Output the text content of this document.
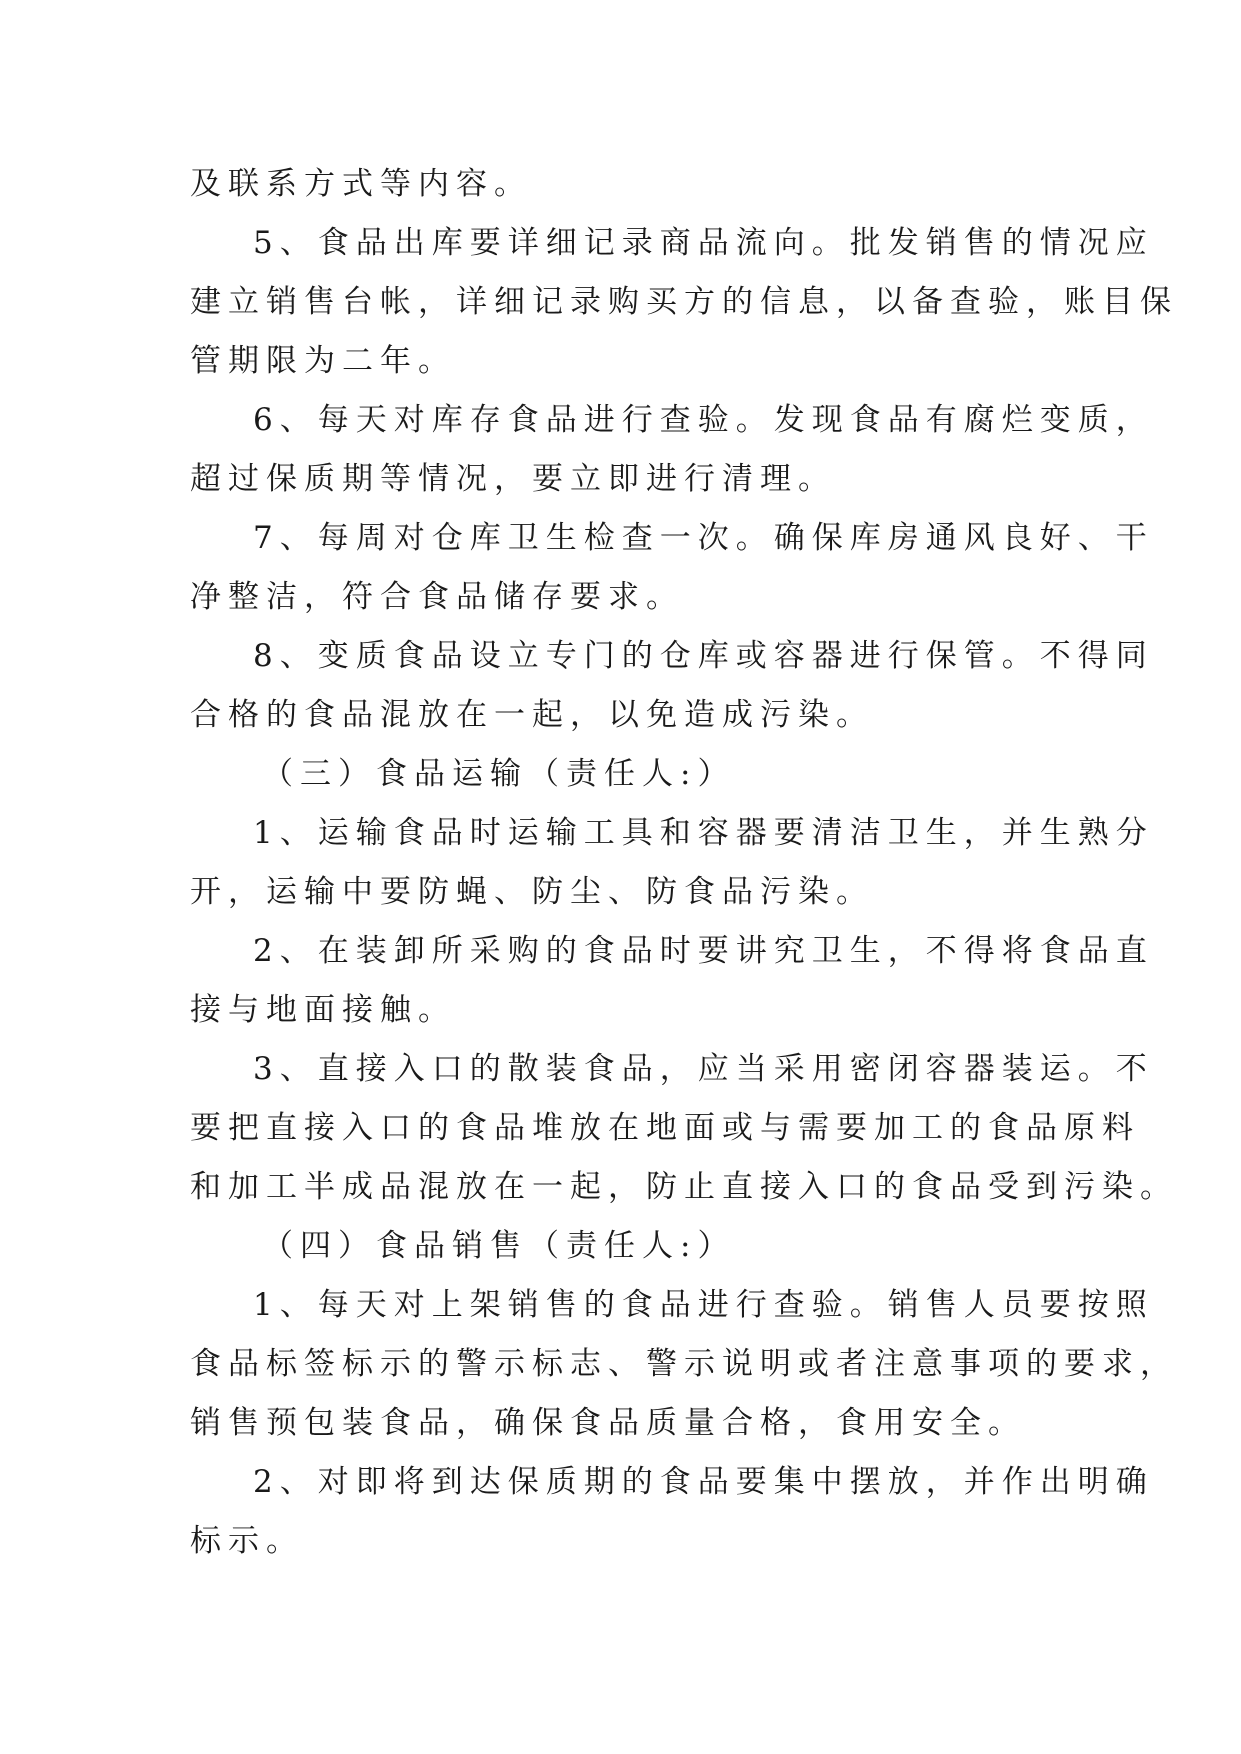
及联系方式等内容。
5、食品出库要详细记录商品流向。批发销售的情况应
建立销售台帐，详细记录购买方的信息，以备查验，账目保
管期限为二年。
6、每天对库存食品进行查验。发现食品有腐烂变质，
超过保质期等情况，要立即进行清理。
7、每周对仓库卫生检查一次。确保库房通风良好、干
净整洁，符合食品储存要求。
8、变质食品设立专门的仓库或容器进行保管。不得同
合格的食品混放在一起，以免造成污染。
（三）食品运输（责任人:）
1、运输食品时运输工具和容器要清洁卫生，并生熟分
开，运输中要防蝇、防尘、防食品污染。
2、在装卸所采购的食品时要讲究卫生，不得将食品直
接与地面接触。
3、直接入口的散装食品，应当采用密闭容器装运。不
要把直接入口的食品堆放在地面或与需要加工的食品原料
和加工半成品混放在一起，防止直接入口的食品受到污染。
（四）食品销售（责任人:）
1、每天对上架销售的食品进行查验。销售人员要按照
食品标签标示的警示标志、警示说明或者注意事项的要求，
销售预包装食品，确保食品质量合格，食用安全。
2、对即将到达保质期的食品要集中摆放，并作出明确
标示。
